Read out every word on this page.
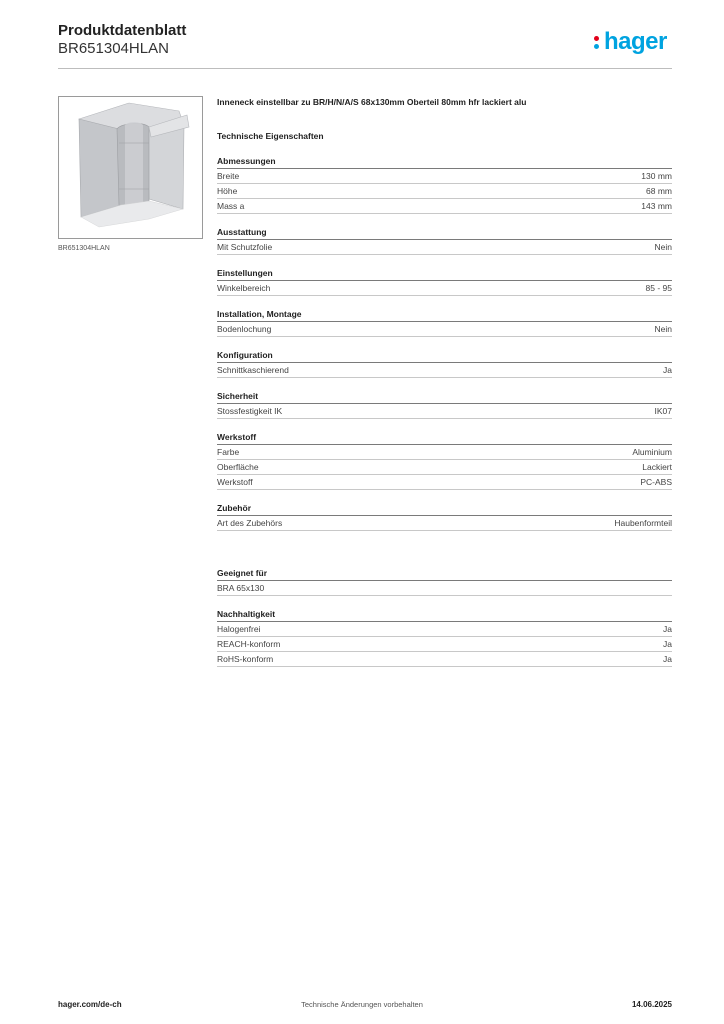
Produktdatenblatt
BR651304HLAN	hager
BR651304HLAN
Inneneck einstellbar zu BR/H/N/A/S 68x130mm Oberteil 80mm hfr lackiert alu
Technische Eigenschaften
Abmessungen
Breite	130 mm
Höhe	68 mm
Mass a	143 mm
Ausstattung
Mit Schutzfolie	Nein
Einstellungen
Winkelbereich	85 - 95
Installation, Montage
Bodenlochung	Nein
Konfiguration
Schnittkaschierend	Ja
Sicherheit
Stossfestigkeit IK	IK07
Werkstoff
Farbe	Aluminium
Oberfläche	Lackiert
Werkstoff	PC-ABS
Zubehör
Art des Zubehörs	Haubenformteil
Geeignet für
BRA 65x130
Nachhaltigkeit
Halogenfrei	Ja
REACH-konform	Ja
RoHS-konform	Ja
hager.com/de-ch	Technische Änderungen vorbehalten	14.06.2025
